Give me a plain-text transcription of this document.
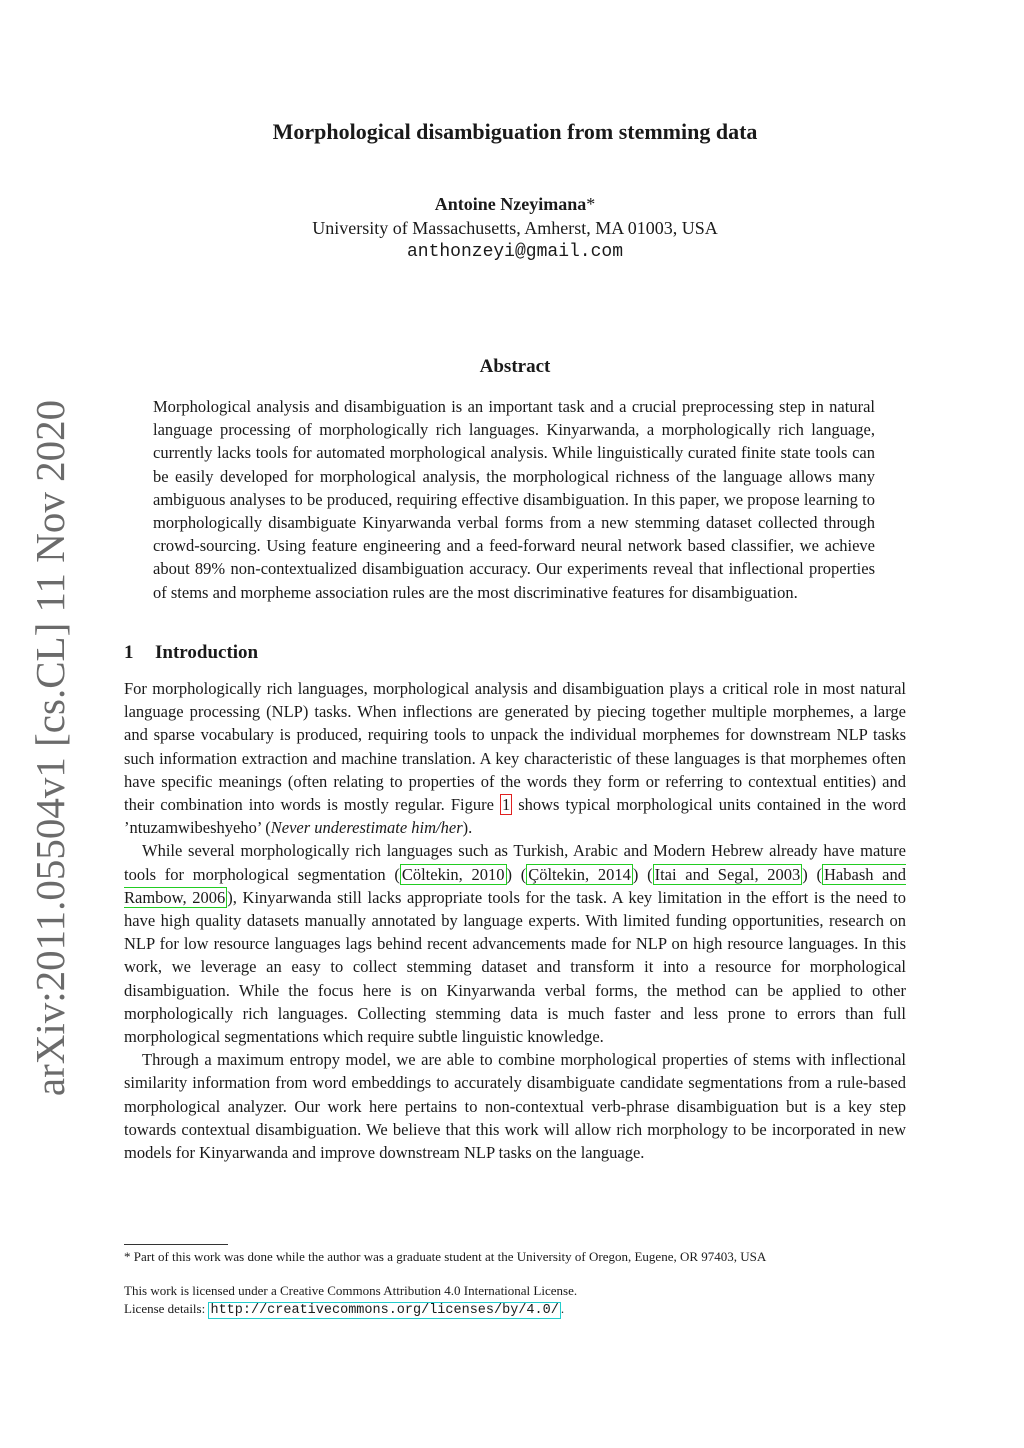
arXiv:2011.05504v1 [cs.CL] 11 Nov 2020
Morphological disambiguation from stemming data
Antoine Nzeyimana*
University of Massachusetts, Amherst, MA 01003, USA
anthonzeyi@gmail.com
Abstract

Morphological analysis and disambiguation is an important task and a crucial preprocessing step in natural language processing of morphologically rich languages. Kinyarwanda, a morphologically rich language, currently lacks tools for automated morphological analysis. While linguistically curated finite state tools can be easily developed for morphological analysis, the morphological richness of the language allows many ambiguous analyses to be produced, requiring effective disambiguation. In this paper, we propose learning to morphologically disambiguate Kinyarwanda verbal forms from a new stemming dataset collected through crowd-sourcing. Using feature engineering and a feed-forward neural network based classifier, we achieve about 89% non-contextualized disambiguation accuracy. Our experiments reveal that inflectional properties of stems and morpheme association rules are the most discriminative features for disambiguation.

1 Introduction

For morphologically rich languages, morphological analysis and disambiguation plays a critical role in most natural language processing (NLP) tasks. When inflections are generated by piecing together multiple morphemes, a large and sparse vocabulary is produced, requiring tools to unpack the individual morphemes for downstream NLP tasks such information extraction and machine translation. A key characteristic of these languages is that morphemes often have specific meanings (often relating to properties of the words they form or referring to contextual entities) and their combination into words is mostly regular. Figure 1 shows typical morphological units contained in the word ’ntuzamwibeshyeho’ (Never underestimate him/her).

While several morphologically rich languages such as Turkish, Arabic and Modern Hebrew already have mature tools for morphological segmentation ( Cöltekin, 2010 ) ( Çöltekin, 2014 ) ( Itai and Segal, 2003 ) ( Habash and Rambow, 2006 ), Kinyarwanda still lacks appropriate tools for the task. A key limitation in the effort is the need to have high quality datasets manually annotated by language experts. With limited funding opportunities, research on NLP for low resource languages lags behind recent advancements made for NLP on high resource languages. In this work, we leverage an easy to collect stemming dataset and transform it into a resource for morphological disambiguation. While the focus here is on Kinyarwanda verbal forms, the method can be applied to other morphologically rich languages. Collecting stemming data is much faster and less prone to errors than full morphological segmentations which require subtle linguistic knowledge.

Through a maximum entropy model, we are able to combine morphological properties of stems with inflectional similarity information from word embeddings to accurately disambiguate candidate segmentations from a rule-based morphological analyzer. Our work here pertains to non-contextual verb-phrase disambiguation but is a key step towards contextual disambiguation. We believe that this work will allow rich morphology to be incorporated in new models for Kinyarwanda and improve downstream NLP tasks on the language.

* Part of this work was done while the author was a graduate student at the University of Oregon, Eugene, OR 97403, USA
This work is licensed under a Creative Commons Attribution 4.0 International License.
License details: http://creativecommons.org/licenses/by/4.0/ .
